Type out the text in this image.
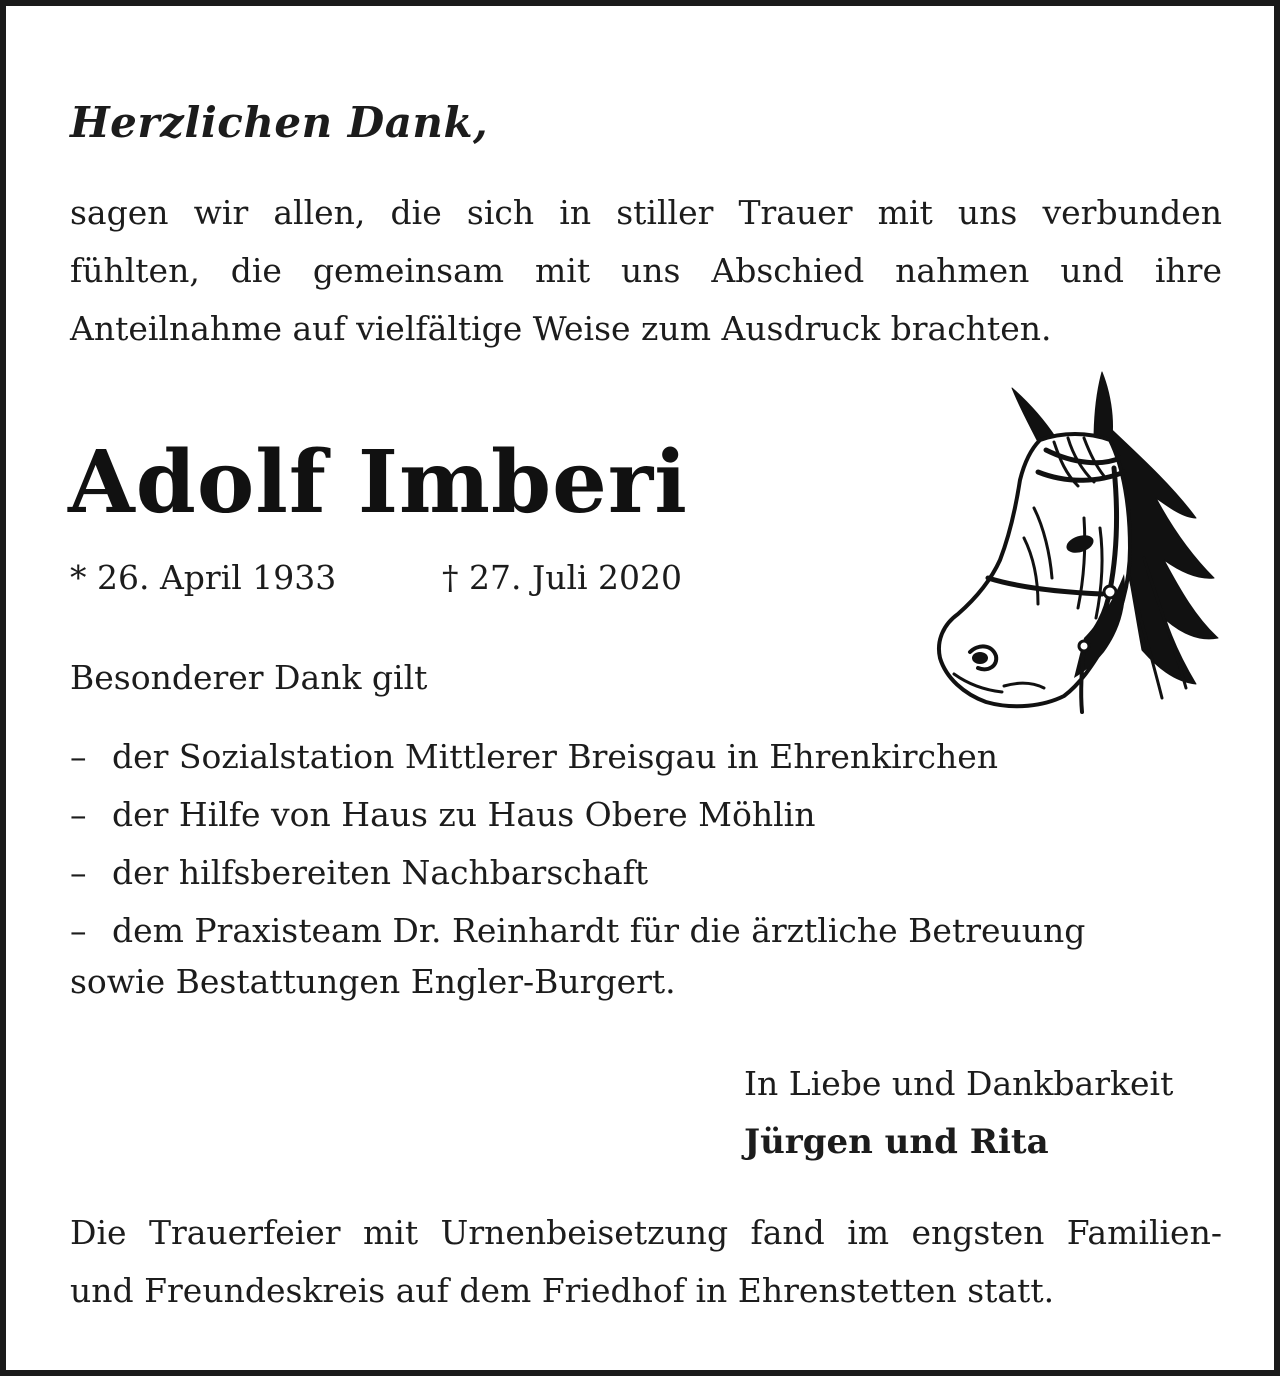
Herzlichen Dank,

sagen wir allen, die sich in stiller Trauer mit uns verbunden
fühlten, die gemeinsam mit uns Abschied nahmen und ihre
Anteilnahme auf vielfältige Weise zum Ausdruck brachten.

Adolf Imberi

* 26. April 1933	† 27. Juli 2020

Besonderer Dank gilt

– der Sozialstation Mittlerer Breisgau in Ehrenkirchen
– der Hilfe von Haus zu Haus Obere Möhlin
– der hilfsbereiten Nachbarschaft
– dem Praxisteam Dr. Reinhardt für die ärztliche Betreuung

sowie Bestattungen Engler-Burgert.

In Liebe und Dankbarkeit

Jürgen und Rita

Die Trauerfeier mit Urnenbeisetzung fand im engsten Familien-
und Freundeskreis auf dem Friedhof in Ehrenstetten statt.
